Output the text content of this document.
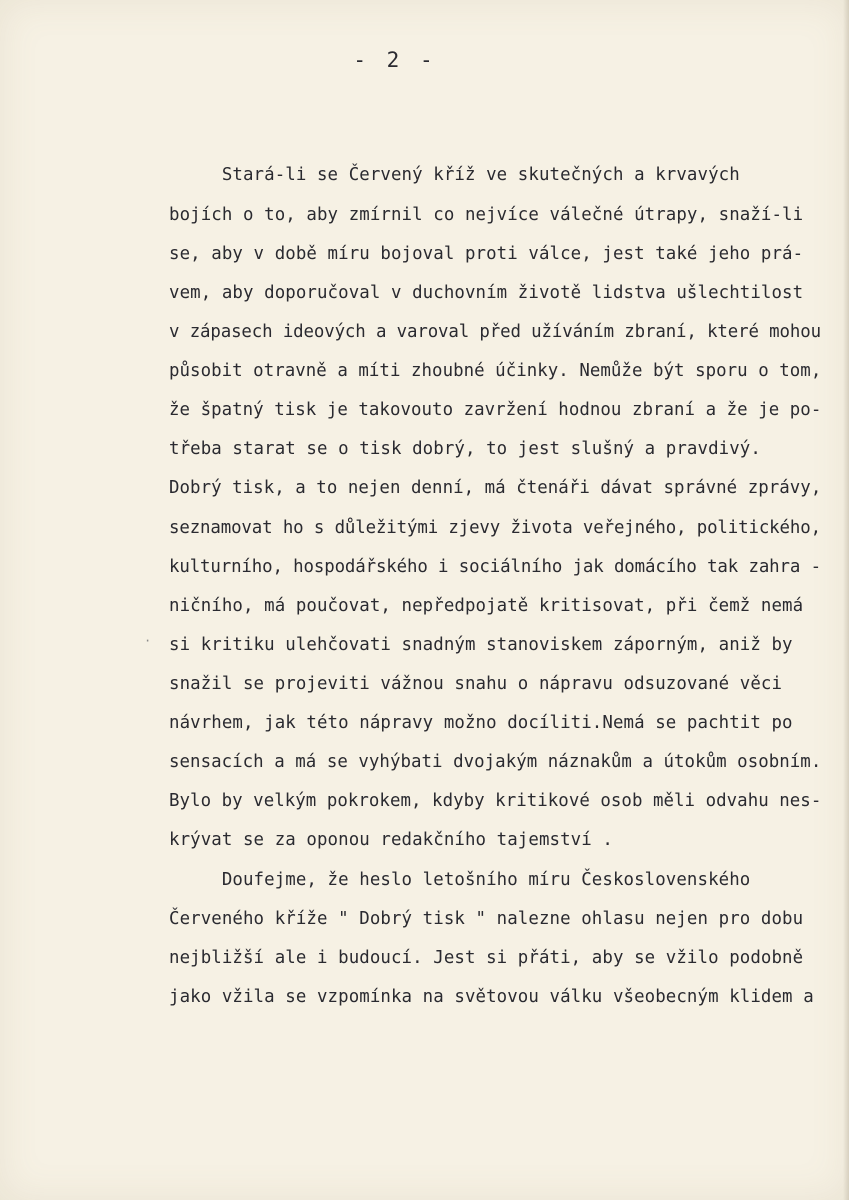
- 2 -
·
Stará-li se Červený kříž ve skutečných a krvavých
bojích o to, aby zmírnil co nejvíce válečné útrapy, snaží-li
se, aby v době míru bojoval proti válce, jest také jeho prá-
vem, aby doporučoval v duchovním životě lidstva ušlechtilost
v zápasech ideových a varoval před užíváním zbraní, které mohou
působit otravně a míti zhoubné účinky. Nemůže být sporu o tom,
že špatný tisk je takovouto zavržení hodnou zbraní a že je po-
třeba starat se o tisk dobrý, to jest slušný a pravdivý.
Dobrý tisk, a to nejen denní, má čtenáři dávat správné zprávy,
seznamovat ho s důležitými zjevy života veřejného, politického,
kulturního, hospodářského i sociálního jak domácího tak zahra -
ničního, má poučovat, nepředpojatě kritisovat, při čemž nemá
si kritiku ulehčovati snadným stanoviskem záporným, aniž by
snažil se projeviti vážnou snahu o nápravu odsuzované věci
návrhem, jak této nápravy možno docíliti.Nemá se pachtit po
sensacích a má se vyhýbati dvojakým náznakům a útokům osobním.
Bylo by velkým pokrokem, kdyby kritikové osob měli odvahu nes-
krývat se za oponou redakčního tajemství .
Doufejme, že heslo letošního míru Československého
Červeného kříže " Dobrý tisk " nalezne ohlasu nejen pro dobu
nejbližší ale i budoucí. Jest si přáti, aby se vžilo podobně
jako vžila se vzpomínka na světovou válku všeobecným klidem a
